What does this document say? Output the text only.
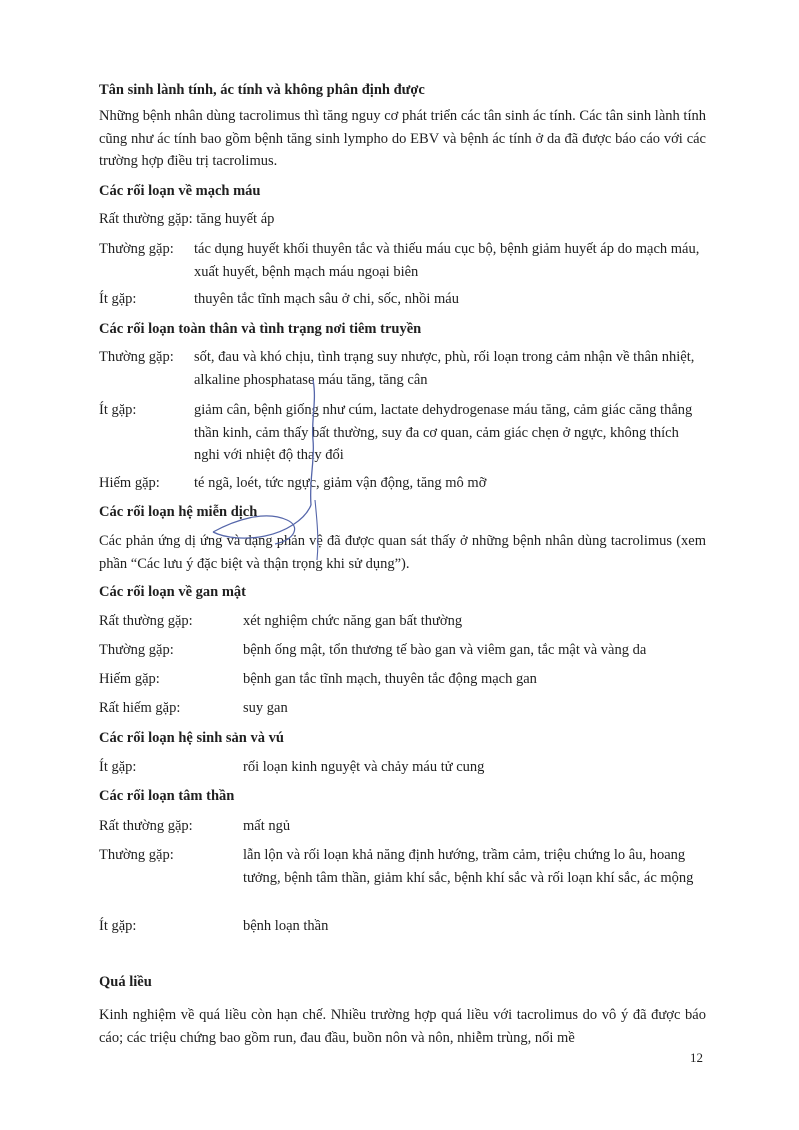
Tân sinh lành tính, ác tính và không phân định được

Những bệnh nhân dùng tacrolimus thì tăng nguy cơ phát triển các tân sinh ác tính. Các tân sinh lành tính cũng như ác tính bao gồm bệnh tăng sinh lympho do EBV và bệnh ác tính ở da đã được báo cáo với các trường hợp điều trị tacrolimus.

Các rối loạn về mạch máu

Rất thường gặp: tăng huyết áp

Thường gặp: tác dụng huyết khối thuyên tắc và thiếu máu cục bộ, bệnh giảm huyết áp do mạch máu, xuất huyết, bệnh mạch máu ngoại biên

Ít gặp:	thuyên tắc tĩnh mạch sâu ở chi, sốc, nhồi máu

Các rối loạn toàn thân và tình trạng nơi tiêm truyền

Thường gặp: sốt, đau và khó chịu, tình trạng suy nhược, phù, rối loạn trong cảm nhận về thân nhiệt, alkaline phosphatase máu tăng, tăng cân

Ít gặp:	giảm cân, bệnh giống như cúm, lactate dehydrogenase máu tăng, cảm giác căng thẳng thần kinh, cảm thấy bất thường, suy đa cơ quan, cảm giác chẹn ở ngực, không thích nghi với nhiệt độ thay đổi

Hiếm gặp: té ngã, loét, tức ngực, giảm vận động, tăng mô mỡ

Các rối loạn hệ miễn dịch

Các phản ứng dị ứng và dạng phản vệ đã được quan sát thấy ở những bệnh nhân dùng tacrolimus (xem phần “Các lưu ý đặc biệt và thận trọng khi sử dụng”).

Các rối loạn về gan mật

Rất thường gặp:	xét nghiệm chức năng gan bất thường

Thường gặp:	bệnh ống mật, tổn thương tế bào gan và viêm gan, tắc mật và vàng da

Hiếm gặp:	bệnh gan tắc tĩnh mạch, thuyên tắc động mạch gan

Rất hiếm gặp:	suy gan

Các rối loạn hệ sinh sản và vú

Ít gặp:	rối loạn kinh nguyệt và chảy máu tử cung

Các rối loạn tâm thần

Rất thường gặp:	mất ngủ

Thường gặp:	lẫn lộn và rối loạn khả năng định hướng, trầm cảm, triệu chứng lo âu, hoang tưởng, bệnh tâm thần, giảm khí sắc, bệnh khí sắc và rối loạn khí sắc, ác mộng

Ít gặp:	bệnh loạn thần

Quá liều

Kinh nghiệm về quá liều còn hạn chế. Nhiều trường hợp quá liều với tacrolimus do vô ý đã được báo cáo; các triệu chứng bao gồm run, đau đầu, buồn nôn và nôn, nhiễm trùng, nổi mề

12
